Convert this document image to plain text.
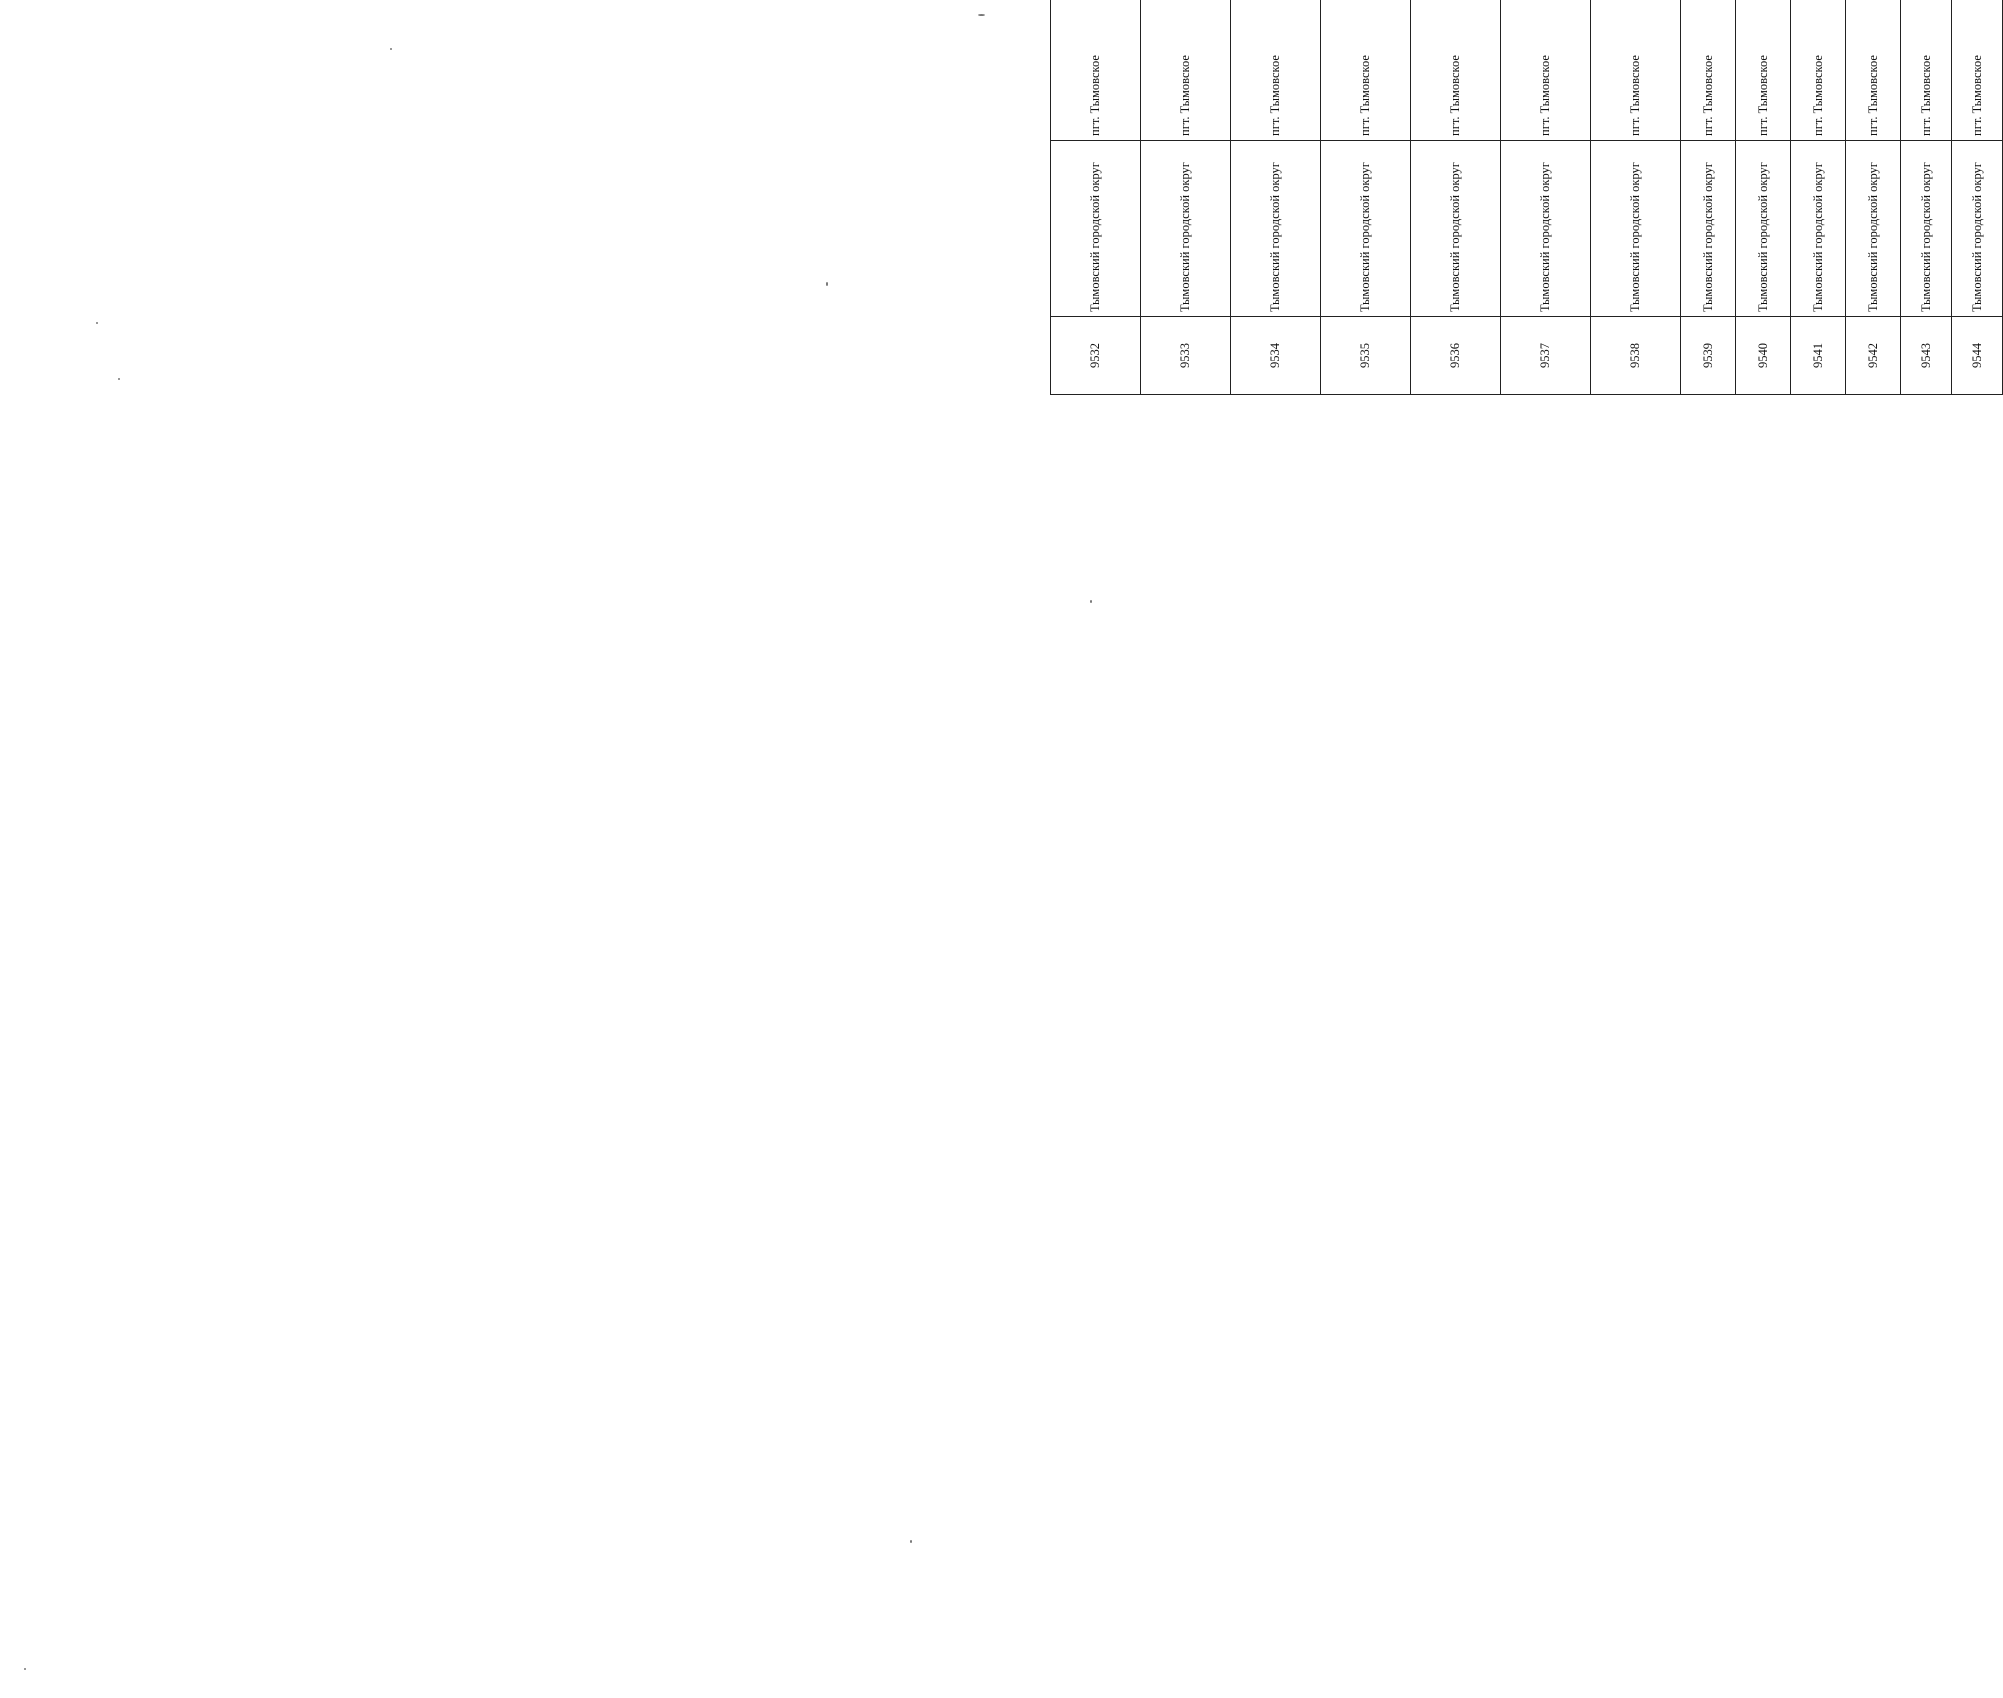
9532	Тымовский городской округ	пгт. Тымовское					
9533	Тымовский городской округ	пгт. Тымовское					
9534	Тымовский городской округ	пгт. Тымовское					
9535	Тымовский городской округ	пгт. Тымовское					
9536	Тымовский городской округ	пгт. Тымовское					
9537	Тымовский городской округ	пгт. Тымовское					
9538	Тымовский городской округ	пгт. Тымовское					
9539	Тымовский городской округ	пгт. Тымовское					
9540	Тымовский городской округ	пгт. Тымовское					
9541	Тымовский городской округ	пгт. Тымовское					
9542	Тымовский городской округ	пгт. Тымовское					
9543	Тымовский городской округ	пгт. Тымовское					
9544	Тымовский городской округ	пгт. Тымовское					
